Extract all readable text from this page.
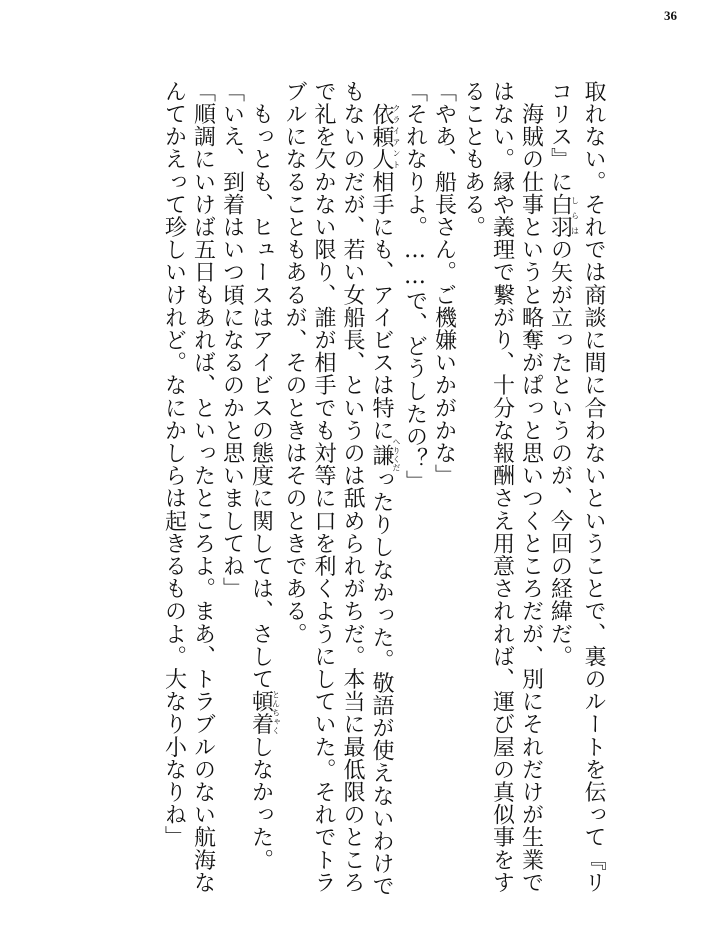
36
取れない。それでは商談に間に合わないということで、裏のルートを伝って『リ
コリス』に白羽しらはの矢が立ったというのが、今回の経緯だ。
　海賊の仕事というと略奪がぱっと思いつくところだが、別にそれだけが生業で
はない。縁や義理で繋がり、十分な報酬さえ用意されれば、運び屋の真似事をす
ることもある。
「やあ、船長さん。ご機嫌いかがかな」
「それなりよ。……で、どうしたの？」
　依頼人クライアント相手にも、アイビスは特に謙へりくだったりしなかった。敬語が使えないわけで
もないのだが、若い女船長、というのは舐められがちだ。本当に最低限のところ
で礼を欠かない限り、誰が相手でも対等に口を利くようにしていた。それでトラ
ブルになることもあるが、そのときはそのときである。
　もっとも、ヒュースはアイビスの態度に関しては、さして頓着とんちゃくしなかった。
「いえ、到着はいつ頃になるのかと思いましてね」
「順調にいけば五日もあれば、といったところよ。まあ、トラブルのない航海な
んてかえって珍しいけれど。なにかしらは起きるものよ。大なり小なりね」
